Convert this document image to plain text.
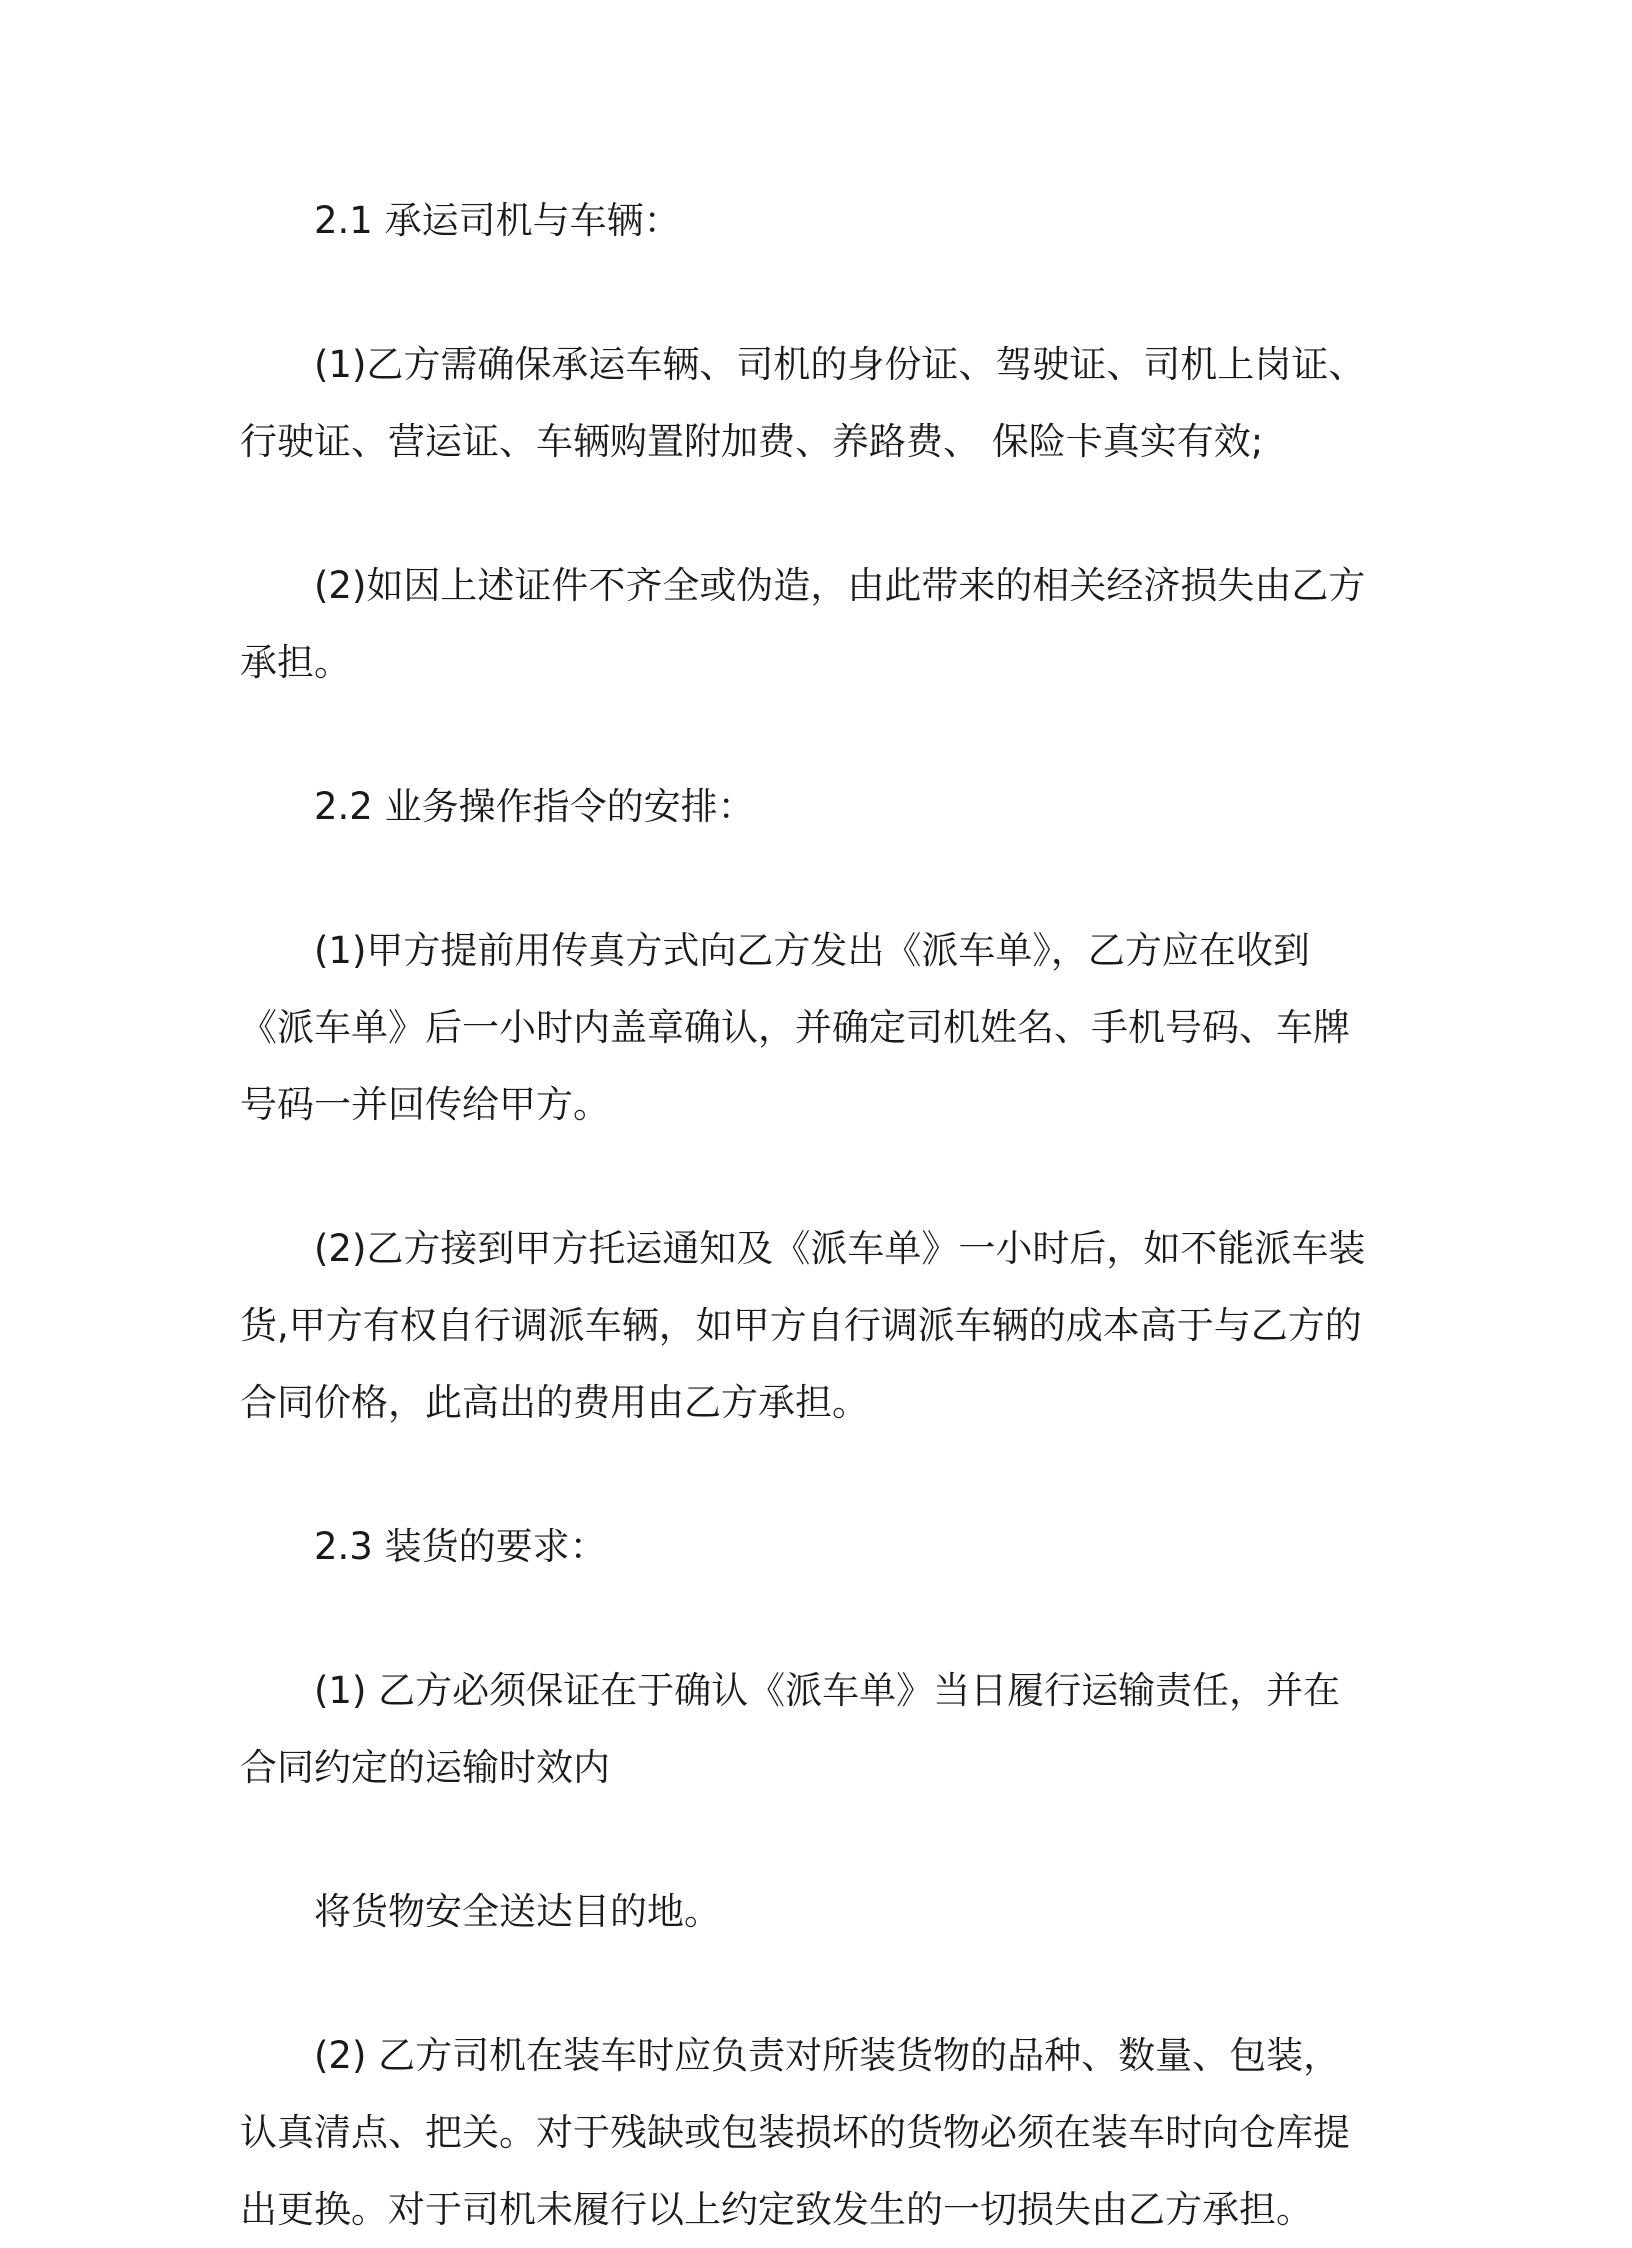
2.1 承运司机与车辆：

(1)乙方需确保承运车辆、司机的身份证、驾驶证、司机上岗证、行驶证、营运证、车辆购置附加费、养路费、 保险卡真实有效;

(2)如因上述证件不齐全或伪造，由此带来的相关经济损失由乙方承担。

2.2 业务操作指令的安排：

(1)甲方提前用传真方式向乙方发出《派车单》，乙方应在收到《派车单》后一小时内盖章确认，并确定司机姓名、手机号码、车牌号码一并回传给甲方。

(2)乙方接到甲方托运通知及《派车单》一小时后，如不能派车装货,甲方有权自行调派车辆，如甲方自行调派车辆的成本高于与乙方的合同价格，此高出的费用由乙方承担。

2.3 装货的要求：

(1) 乙方必须保证在于确认《派车单》当日履行运输责任，并在合同约定的运输时效内

将货物安全送达目的地。

(2) 乙方司机在装车时应负责对所装货物的品种、数量、包装，认真清点、把关。对于残缺或包装损坏的货物必须在装车时向仓库提出更换。对于司机未履行以上约定致发生的一切损失由乙方承担。
